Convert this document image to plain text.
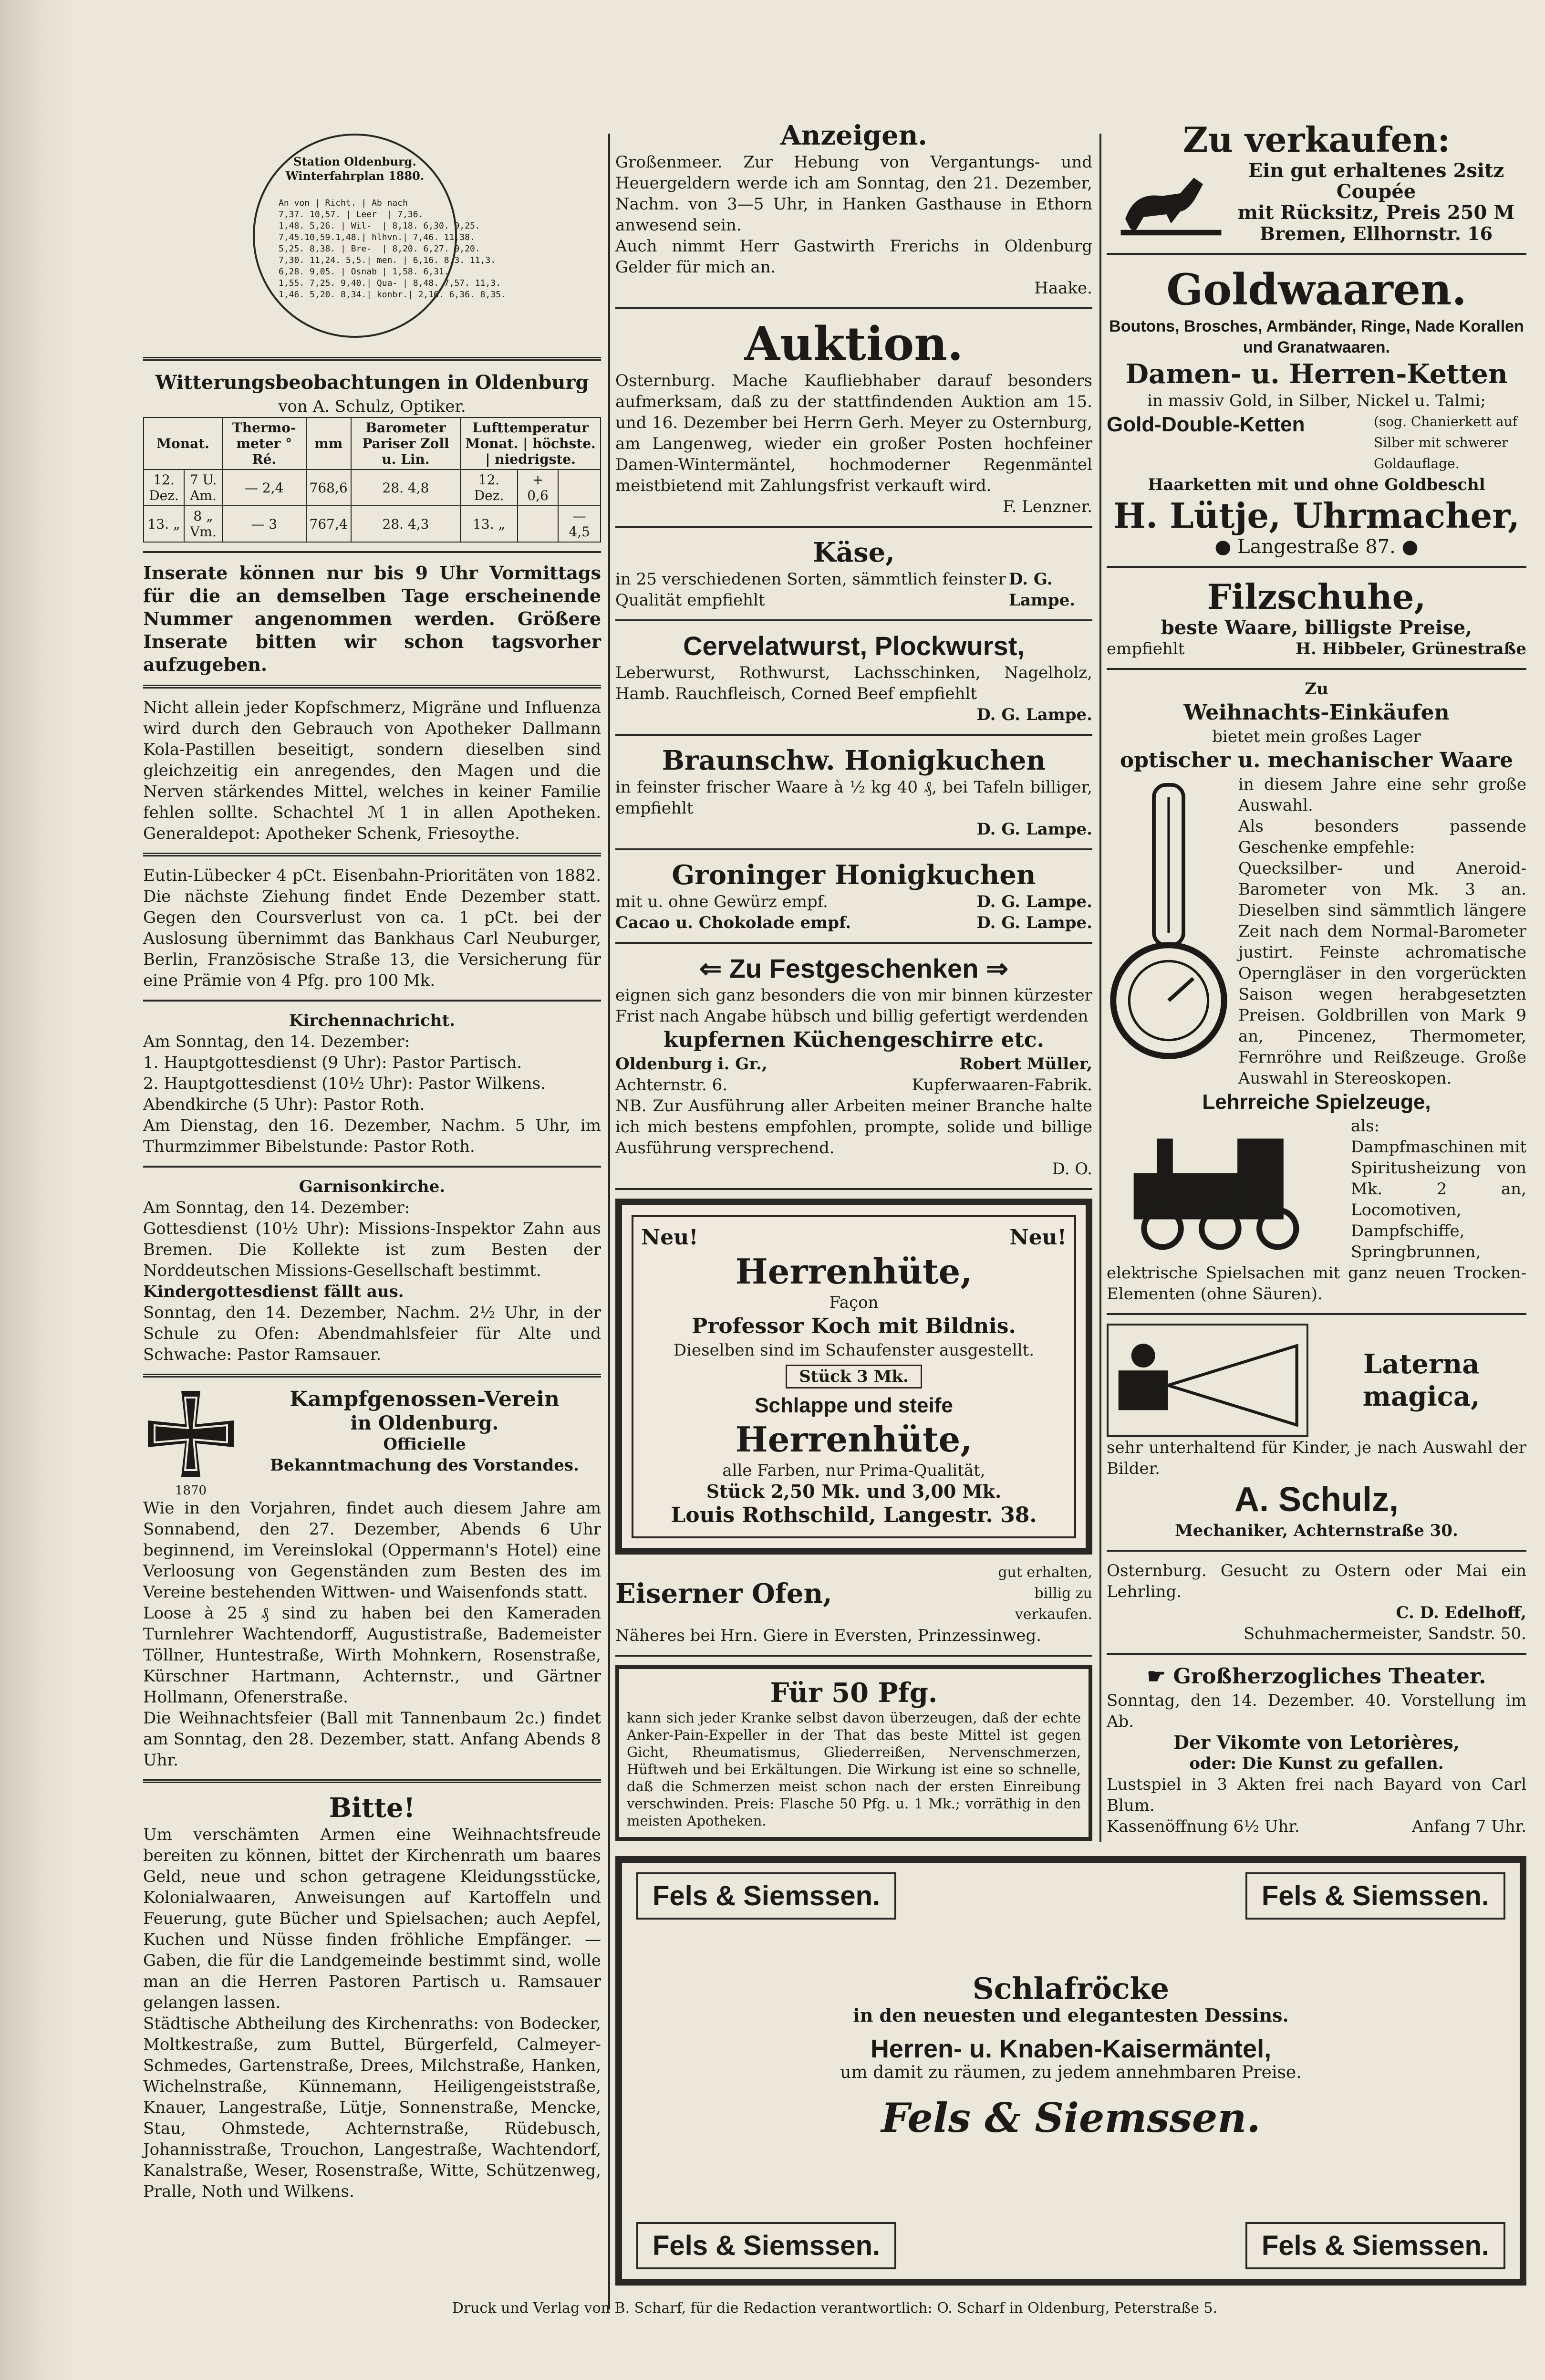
Station Oldenburg. Winterfahrplan 1880.
An von | Richt. | Ab nach
7,37. 10,57. | Leer  | 7,36.
1,48. 5,26. | Wil-  | 8,18. 6,30. 9,25.
7,45.10,59.1,48.| hlhvn.| 7,46. 11,38.
5,25. 8,38. | Bre-  | 8,20. 6,27. 9,20.
7,30. 11,24. 5,5.| men. | 6,16. 8,3. 11,3.
6,28. 9,05. | Osnab | 1,58. 6,31.
1,55. 7,25. 9,40.| Qua- | 8,48. 7,57. 11,3.
1,46. 5,20. 8,34.| konbr.| 2,16. 6,36. 8,35.
Witterungsbeobachtungen in Oldenburg
von A. Schulz, Optiker.
Monat.		Thermo-meter ° Ré.	mm	Barometer Pariser Zoll u. Lin.	Lufttemperatur
Monat. | höchste. | niedrigste.		
12. Dez.	7 U. Am.	— 2,4	768,6	28. 4,8	12. Dez.	+ 0,6	
13. „	8 „ Vm.	— 3	767,4	28. 4,3	13. „		— 4,5
Inserate können nur bis 9 Uhr Vormittags für die an demselben Tage erscheinende Nummer angenommen werden. Größere Inserate bitten wir schon tagsvorher aufzugeben.
Nicht allein jeder Kopfschmerz, Migräne und Influenza wird durch den Gebrauch von Apotheker Dallmann Kola-Pastillen beseitigt, sondern dieselben sind gleichzeitig ein anregendes, den Magen und die Nerven stärkendes Mittel, welches in keiner Familie fehlen sollte. Schachtel ℳ 1 in allen Apotheken. Generaldepot: Apotheker Schenk, Friesoythe.
Eutin-Lübecker 4 pCt. Eisenbahn-Prioritäten von 1882. Die nächste Ziehung findet Ende Dezember statt. Gegen den Coursverlust von ca. 1 pCt. bei der Auslosung übernimmt das Bankhaus Carl Neuburger, Berlin, Französische Straße 13, die Versicherung für eine Prämie von 4 Pfg. pro 100 Mk.
Kirchennachricht.
Am Sonntag, den 14. Dezember:
1. Hauptgottesdienst (9 Uhr): Pastor Partisch.
2. Hauptgottesdienst (10½ Uhr): Pastor Wilkens.
Abendkirche (5 Uhr): Pastor Roth.
Am Dienstag, den 16. Dezember, Nachm. 5 Uhr, im Thurmzimmer Bibelstunde: Pastor Roth.
Garnisonkirche.
Am Sonntag, den 14. Dezember:
Gottesdienst (10½ Uhr): Missions-Inspektor Zahn aus Bremen. Die Kollekte ist zum Besten der Norddeutschen Missions-Gesellschaft bestimmt.
Kindergottesdienst fällt aus.
Sonntag, den 14. Dezember, Nachm. 2½ Uhr, in der Schule zu Ofen: Abendmahlsfeier für Alte und Schwache: Pastor Ramsauer.
1870
Kampfgenossen-Verein
in Oldenburg.
Officielle
Bekanntmachung des Vorstandes.
Wie in den Vorjahren, findet auch diesem Jahre am Sonnabend, den 27. Dezember, Abends 6 Uhr beginnend, im Vereinslokal (Oppermann's Hotel) eine Verloosung von Gegenständen zum Besten des im Vereine bestehenden Wittwen- und Waisenfonds statt.
Loose à 25 ₰ sind zu haben bei den Kameraden Turnlehrer Wachtendorff, Augustistraße, Bademeister Töllner, Huntestraße, Wirth Mohnkern, Rosenstraße, Kürschner Hartmann, Achternstr., und Gärtner Hollmann, Ofenerstraße.
Die Weihnachtsfeier (Ball mit Tannenbaum 2c.) findet am Sonntag, den 28. Dezember, statt. Anfang Abends 8 Uhr.
Bitte!
Um verschämten Armen eine Weihnachtsfreude bereiten zu können, bittet der Kirchenrath um baares Geld, neue und schon getragene Kleidungsstücke, Kolonialwaaren, Anweisungen auf Kartoffeln und Feuerung, gute Bücher und Spielsachen; auch Aepfel, Kuchen und Nüsse finden fröhliche Empfänger. — Gaben, die für die Landgemeinde bestimmt sind, wolle man an die Herren Pastoren Partisch u. Ramsauer gelangen lassen.
Städtische Abtheilung des Kirchenraths: von Bodecker, Moltkestraße, zum Buttel, Bürgerfeld, Calmeyer-Schmedes, Gartenstraße, Drees, Milchstraße, Hanken, Wichelnstraße, Künnemann, Heiligengeiststraße, Knauer, Langestraße, Lütje, Sonnenstraße, Mencke, Stau, Ohmstede, Achternstraße, Rüdebusch, Johannisstraße, Trouchon, Langestraße, Wachtendorf, Kanalstraße, Weser, Rosenstraße, Witte, Schützenweg, Pralle, Noth und Wilkens.
Anzeigen.
Großenmeer. Zur Hebung von Vergantungs- und Heuergeldern werde ich am Sonntag, den 21. Dezember, Nachm. von 3—5 Uhr, in Hanken Gasthause in Ethorn anwesend sein.
Auch nimmt Herr Gastwirth Frerichs in Oldenburg Gelder für mich an.
Haake.
Auktion.
Osternburg. Mache Kaufliebhaber darauf besonders aufmerksam, daß zu der stattfindenden Auktion am 15. und 16. Dezember bei Herrn Gerh. Meyer zu Osternburg, am Langenweg, wieder ein großer Posten hochfeiner Damen-Wintermäntel, hochmoderner Regenmäntel meistbietend mit Zahlungsfrist verkauft wird.
F. Lenzner.
Käse,
in 25 verschiedenen Sorten, sämmtlich feinster Qualität empfiehlt
D. G. Lampe.
Cervelatwurst, Plockwurst,
Leberwurst, Rothwurst, Lachsschinken, Nagelholz, Hamb. Rauchfleisch, Corned Beef empfiehlt
D. G. Lampe.
Braunschw. Honigkuchen
in feinster frischer Waare à ½ kg 40 ₰, bei Tafeln billiger, empfiehlt
D. G. Lampe.
Groninger Honigkuchen
mit u. ohne Gewürz empf.	D. G. Lampe.
Cacao u. Chokolade empf.	D. G. Lampe.
⇐ Zu Festgeschenken ⇒
eignen sich ganz besonders die von mir binnen kürzester Frist nach Angabe hübsch und billig gefertigt werdenden
kupfernen Küchengeschirre etc.
Oldenburg i. Gr.,	Robert Müller,
Achternstr. 6.	Kupferwaaren-Fabrik.
NB. Zur Ausführung aller Arbeiten meiner Branche halte ich mich bestens empfohlen, prompte, solide und billige Ausführung versprechend.
D. O.
Neu!	Neu!
Herrenhüte,
Façon
Professor Koch mit Bildnis.
Dieselben sind im Schaufenster ausgestellt.
Stück 3 Mk.
Schlappe und steife
Herrenhüte,
alle Farben, nur Prima-Qualität,
Stück 2,50 Mk. und 3,00 Mk.
Louis Rothschild, Langestr. 38.
Eiserner Ofen,
gut erhalten, billig zu verkaufen.
Näheres bei Hrn. Giere in Eversten, Prinzessinweg.
Für 50 Pfg.
kann sich jeder Kranke selbst davon überzeugen, daß der echte Anker-Pain-Expeller in der That das beste Mittel ist gegen Gicht, Rheumatismus, Gliederreißen, Nervenschmerzen, Hüftweh und bei Erkältungen. Die Wirkung ist eine so schnelle, daß die Schmerzen meist schon nach der ersten Einreibung verschwinden. Preis: Flasche 50 Pfg. u. 1 Mk.; vorräthig in den meisten Apotheken.
Zu verkaufen:
Ein gut erhaltenes 2sitz
Coupée
mit Rücksitz, Preis 250 M
Bremen, Ellhornstr. 16
Goldwaaren.
Boutons, Brosches, Armbänder, Ringe, Nade Korallen und Granatwaaren.
Damen- u. Herren-Ketten
in massiv Gold, in Silber, Nickel u. Talmi;
Gold-Double-Ketten	(sog. Chanierkett auf Silber mit schwerer Goldauflage.
Haarketten mit und ohne Goldbeschl
H. Lütje, Uhrmacher,
● Langestraße 87. ●
Filzschuhe,
beste Waare, billigste Preise,
empfiehlt	H. Hibbeler, Grünestraße
Zu
Weihnachts-Einkäufen
bietet mein großes Lager
optischer u. mechanischer Waare
in diesem Jahre eine sehr große Auswahl.
Als besonders passende Geschenke empfehle:
Quecksilber- und Aneroid-Barometer von Mk. 3 an. Dieselben sind sämmtlich längere Zeit nach dem Normal-Barometer justirt. Feinste achromatische Operngläser in den vorgerückten Saison wegen herabgesetzten Preisen. Goldbrillen von Mark 9 an, Pincenez, Thermometer, Fernröhre und Reißzeuge. Große Auswahl in Stereoskopen.
Lehrreiche Spielzeuge,
als: Dampfmaschinen mit Spiritusheizung von Mk. 2 an, Locomotiven, Dampfschiffe, Springbrunnen,
elektrische Spielsachen mit ganz neuen Trocken-Elementen (ohne Säuren).
Laterna magica,
sehr unterhaltend für Kinder, je nach Auswahl der Bilder.
A. Schulz,
Mechaniker, Achternstraße 30.
Osternburg. Gesucht zu Ostern oder Mai ein Lehrling.
C. D. Edelhoff,
Schuhmachermeister, Sandstr. 50.
☛ Großherzogliches Theater.
Sonntag, den 14. Dezember. 40. Vorstellung im Ab.
Der Vikomte von Letorières,
oder: Die Kunst zu gefallen.
Lustspiel in 3 Akten frei nach Bayard von Carl Blum.
Kassenöffnung 6½ Uhr.	Anfang 7 Uhr.
Fels & Siemssen.	Fels & Siemssen.
Fels & Siemssen.	Fels & Siemssen.
Schlafröcke
in den neuesten und elegantesten Dessins.
Herren- u. Knaben-Kaisermäntel,
um damit zu räumen, zu jedem annehmbaren Preise.
Fels & Siemssen.
Druck und Verlag von B. Scharf, für die Redaction verantwortlich: O. Scharf in Oldenburg, Peterstraße 5.
